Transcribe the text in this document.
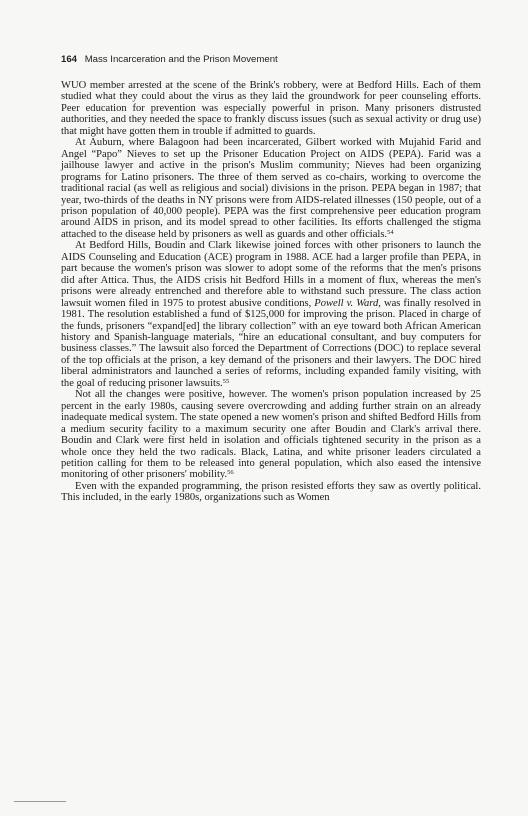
164 Mass Incarceration and the Prison Movement

WUO member arrested at the scene of the Brink's robbery, were at Bedford Hills. Each of them studied what they could about the virus as they laid the groundwork for peer counseling efforts. Peer education for prevention was especially powerful in prison. Many prisoners distrusted authorities, and they needed the space to frankly discuss issues (such as sexual activity or drug use) that might have gotten them in trouble if admitted to guards.

At Auburn, where Balagoon had been incarcerated, Gilbert worked with Mujahid Farid and Angel “Papo” Nieves to set up the Prisoner Education Project on AIDS (PEPA). Farid was a jailhouse lawyer and active in the prison's Muslim community; Nieves had been organizing programs for Latino prisoners. The three of them served as co-chairs, working to overcome the traditional racial (as well as religious and social) divisions in the prison. PEPA began in 1987; that year, two-thirds of the deaths in NY prisons were from AIDS-related illnesses (150 people, out of a prison population of 40,000 people). PEPA was the first comprehensive peer education program around AIDS in prison, and its model spread to other facilities. Its efforts challenged the stigma attached to the disease held by prisoners as well as guards and other officials.$^{54}$

At Bedford Hills, Boudin and Clark likewise joined forces with other prisoners to launch the AIDS Counseling and Education (ACE) program in 1988. ACE had a larger profile than PEPA, in part because the women's prison was slower to adopt some of the reforms that the men's prisons did after Attica. Thus, the AIDS crisis hit Bedford Hills in a moment of flux, whereas the men's prisons were already entrenched and therefore able to withstand such pressure. The class action lawsuit women filed in 1975 to protest abusive conditions, Powell v. Ward, was finally resolved in 1981. The resolution established a fund of $125,000 for improving the prison. Placed in charge of the funds, prisoners “expand[ed] the library collection” with an eye toward both African American history and Spanish-language materials, “hire an educational consultant, and buy computers for business classes.” The lawsuit also forced the Department of Corrections (DOC) to replace several of the top officials at the prison, a key demand of the prisoners and their lawyers. The DOC hired liberal administrators and launched a series of reforms, including expanded family visiting, with the goal of reducing prisoner lawsuits.$^{55}$

Not all the changes were positive, however. The women's prison population increased by 25 percent in the early 1980s, causing severe overcrowding and adding further strain on an already inadequate medical system. The state opened a new women's prison and shifted Bedford Hills from a medium security facility to a maximum security one after Boudin and Clark's arrival there. Boudin and Clark were first held in isolation and officials tightened security in the prison as a whole once they held the two radicals. Black, Latina, and white prisoner leaders circulated a petition calling for them to be released into general population, which also eased the intensive monitoring of other prisoners' mobility.$^{56}$

Even with the expanded programming, the prison resisted efforts they saw as overtly political. This included, in the early 1980s, organizations such as Women
